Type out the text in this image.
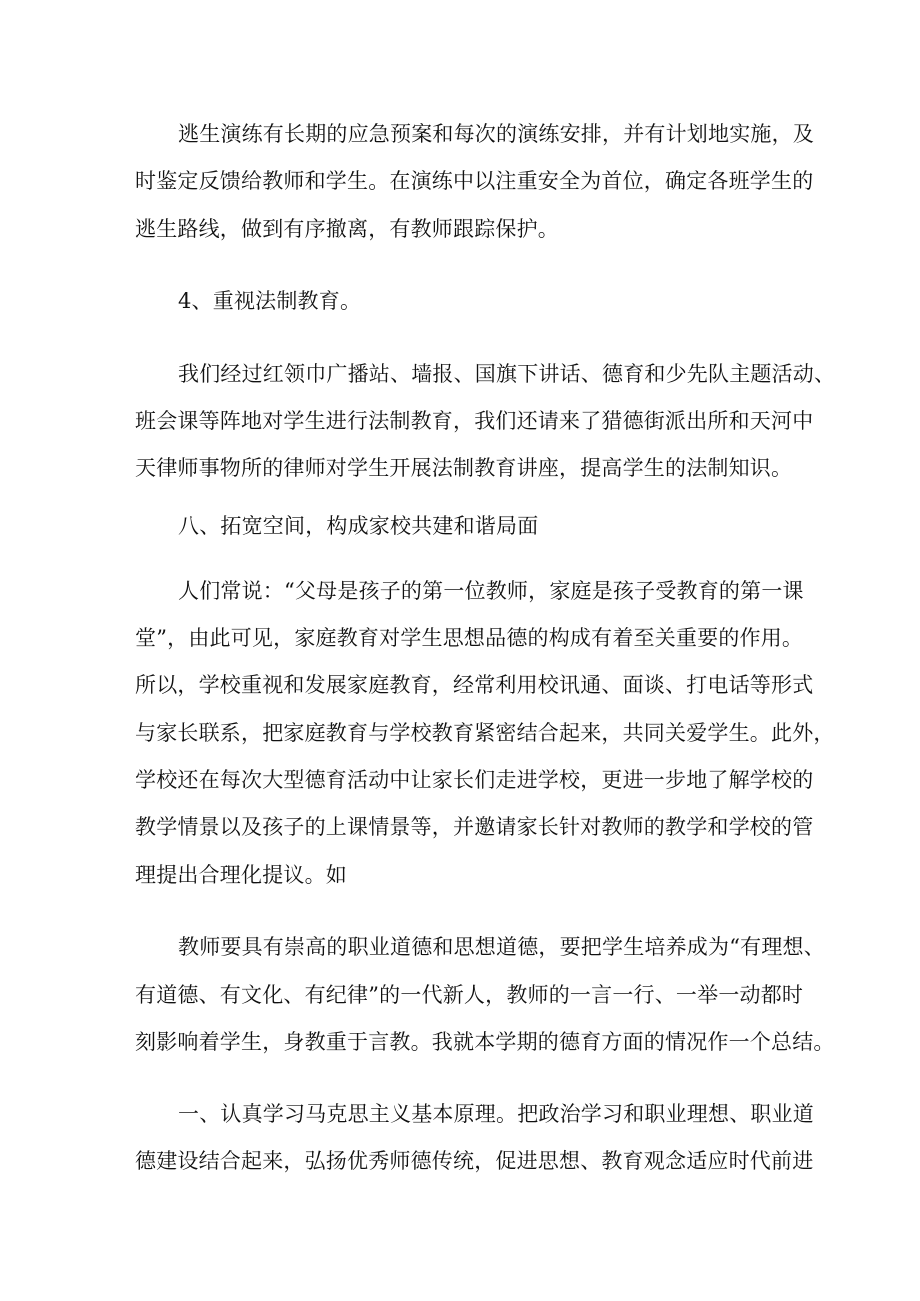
逃生演练有长期的应急预案和每次的演练安排，并有计划地实施，及
时鉴定反馈给教师和学生。在演练中以注重安全为首位，确定各班学生的
逃生路线，做到有序撤离，有教师跟踪保护。
4、重视法制教育。
我们经过红领巾广播站、墙报、国旗下讲话、德育和少先队主题活动、
班会课等阵地对学生进行法制教育，我们还请来了猎德街派出所和天河中
天律师事物所的律师对学生开展法制教育讲座，提高学生的法制知识。
八、拓宽空间，构成家校共建和谐局面
人们常说：“父母是孩子的第一位教师，家庭是孩子受教育的第一课
堂”，由此可见，家庭教育对学生思想品德的构成有着至关重要的作用。
所以，学校重视和发展家庭教育，经常利用校讯通、面谈、打电话等形式
与家长联系，把家庭教育与学校教育紧密结合起来，共同关爱学生。此外，
学校还在每次大型德育活动中让家长们走进学校，更进一步地了解学校的
教学情景以及孩子的上课情景等，并邀请家长针对教师的教学和学校的管
理提出合理化提议。如
教师要具有崇高的职业道德和思想道德，要把学生培养成为“有理想、
有道德、有文化、有纪律”的一代新人，教师的一言一行、一举一动都时
刻影响着学生，身教重于言教。我就本学期的德育方面的情况作一个总结。
一、认真学习马克思主义基本原理。把政治学习和职业理想、职业道
德建设结合起来，弘扬优秀师德传统，促进思想、教育观念适应时代前进
